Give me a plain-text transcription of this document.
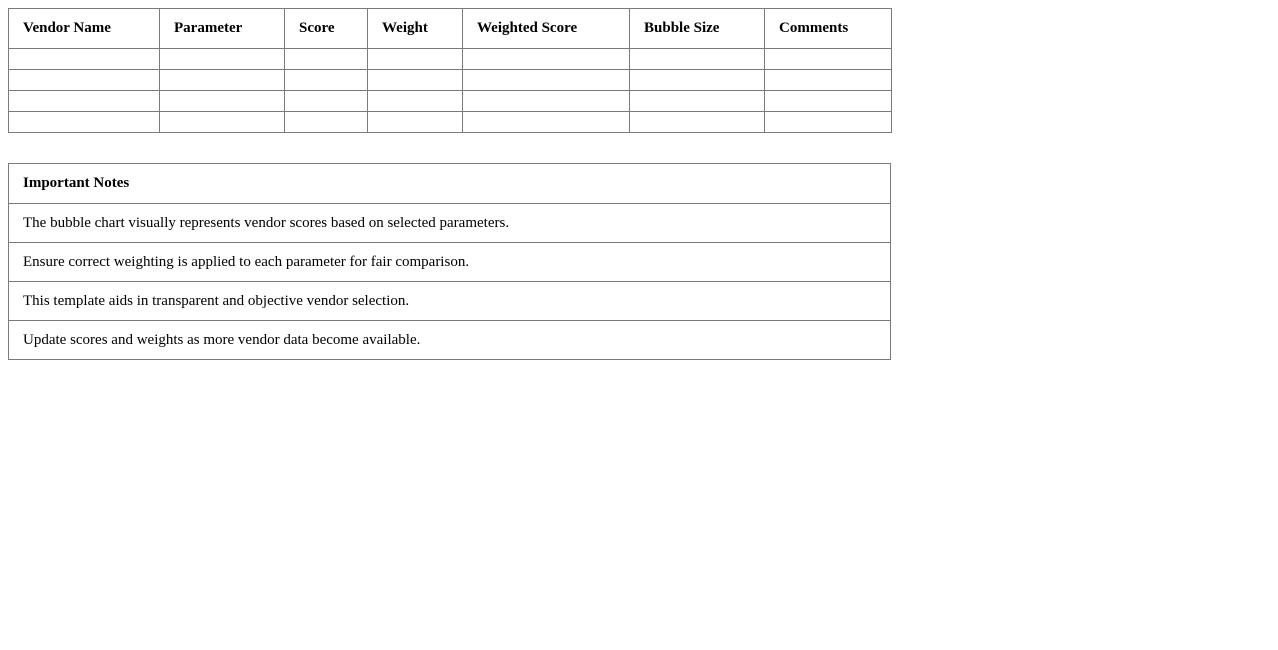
Vendor Name	Parameter	Score	Weight	Weighted Score	Bubble Size	Comments

Important Notes
The bubble chart visually represents vendor scores based on selected parameters.
Ensure correct weighting is applied to each parameter for fair comparison.
This template aids in transparent and objective vendor selection.
Update scores and weights as more vendor data become available.
